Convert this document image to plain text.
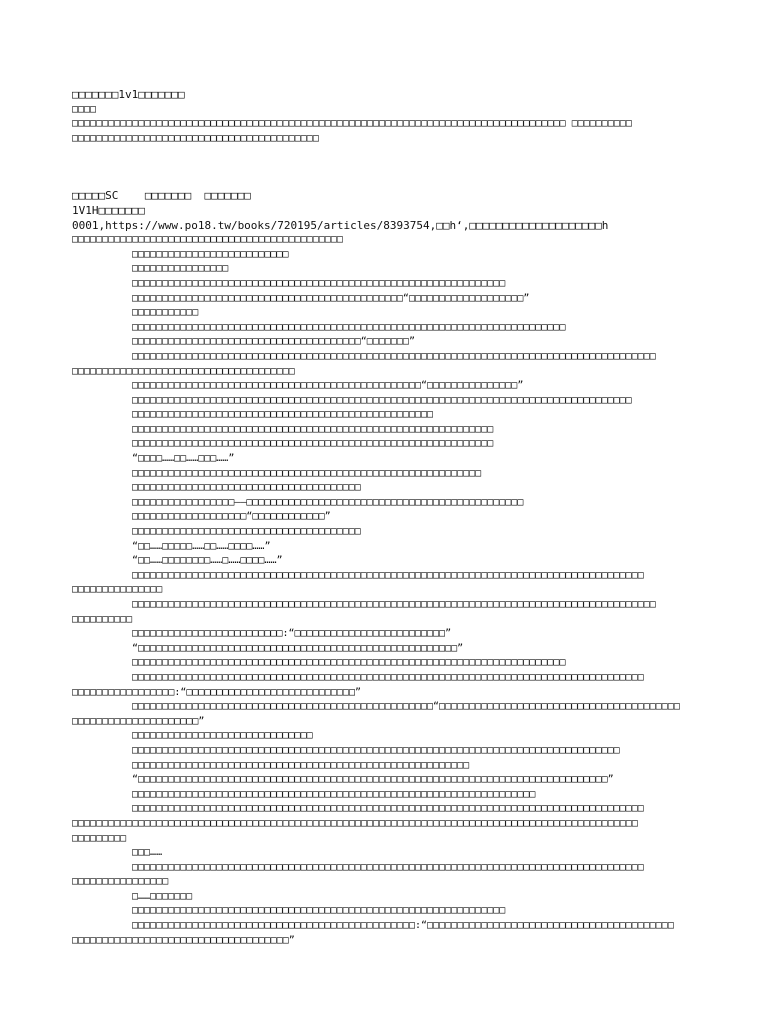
□□□□□□□1v1□□□□□□□
□□□□
□□□□□□□□□□□□□□□□□□□□□□□□□□□□□□□□□□□□□□□□□□□□□□□□□□□□□□□□□□□□□□□□□□□□□□□□□□□□□□□□□□ □□□□□□□□□□
□□□□□□□□□□□□□□□□□□□□□□□□□□□□□□□□□□□□□□□□□
□□□□□SC    □□□□□□□  □□□□□□□
1V1H□□□□□□□
0001,https://www.po18.tw/books/720195/articles/8393754,□□h‘,□□□□□□□□□□□□□□□□□□□□h
□□□□□□□□□□□□□□□□□□□□□□□□□□□□□□□□□□□□□□□□□□□□□
□□□□□□□□□□□□□□□□□□□□□□□□□□
□□□□□□□□□□□□□□□□
□□□□□□□□□□□□□□□□□□□□□□□□□□□□□□□□□□□□□□□□□□□□□□□□□□□□□□□□□□□□□□
□□□□□□□□□□□□□□□□□□□□□□□□□□□□□□□□□□□□□□□□□□□□□“□□□□□□□□□□□□□□□□□□□”
□□□□□□□□□□□
□□□□□□□□□□□□□□□□□□□□□□□□□□□□□□□□□□□□□□□□□□□□□□□□□□□□□□□□□□□□□□□□□□□□□□□□
□□□□□□□□□□□□□□□□□□□□□□□□□□□□□□□□□□□□□□“□□□□□□□”
□□□□□□□□□□□□□□□□□□□□□□□□□□□□□□□□□□□□□□□□□□□□□□□□□□□□□□□□□□□□□□□□□□□□□□□□□□□□□□□□□□□□□□□
□□□□□□□□□□□□□□□□□□□□□□□□□□□□□□□□□□□□□
□□□□□□□□□□□□□□□□□□□□□□□□□□□□□□□□□□□□□□□□□□□□□□□□“□□□□□□□□□□□□□□□”
□□□□□□□□□□□□□□□□□□□□□□□□□□□□□□□□□□□□□□□□□□□□□□□□□□□□□□□□□□□□□□□□□□□□□□□□□□□□□□□□□□□
□□□□□□□□□□□□□□□□□□□□□□□□□□□□□□□□□□□□□□□□□□□□□□□□□□
□□□□□□□□□□□□□□□□□□□□□□□□□□□□□□□□□□□□□□□□□□□□□□□□□□□□□□□□□□□□
□□□□□□□□□□□□□□□□□□□□□□□□□□□□□□□□□□□□□□□□□□□□□□□□□□□□□□□□□□□□
“□□□□……□□……□□□……”
□□□□□□□□□□□□□□□□□□□□□□□□□□□□□□□□□□□□□□□□□□□□□□□□□□□□□□□□□□
□□□□□□□□□□□□□□□□□□□□□□□□□□□□□□□□□□□□□□
□□□□□□□□□□□□□□□□□——□□□□□□□□□□□□□□□□□□□□□□□□□□□□□□□□□□□□□□□□□□□□□□
□□□□□□□□□□□□□□□□□□□“□□□□□□□□□□□□”
□□□□□□□□□□□□□□□□□□□□□□□□□□□□□□□□□□□□□□
“□□……□□□□□……□□……□□□□……”
“□□……□□□□□□□□……□……□□□□……”
□□□□□□□□□□□□□□□□□□□□□□□□□□□□□□□□□□□□□□□□□□□□□□□□□□□□□□□□□□□□□□□□□□□□□□□□□□□□□□□□□□□□□
□□□□□□□□□□□□□□□
□□□□□□□□□□□□□□□□□□□□□□□□□□□□□□□□□□□□□□□□□□□□□□□□□□□□□□□□□□□□□□□□□□□□□□□□□□□□□□□□□□□□□□□
□□□□□□□□□□
□□□□□□□□□□□□□□□□□□□□□□□□□:“□□□□□□□□□□□□□□□□□□□□□□□□□”
“□□□□□□□□□□□□□□□□□□□□□□□□□□□□□□□□□□□□□□□□□□□□□□□□□□□□□”
□□□□□□□□□□□□□□□□□□□□□□□□□□□□□□□□□□□□□□□□□□□□□□□□□□□□□□□□□□□□□□□□□□□□□□□□
□□□□□□□□□□□□□□□□□□□□□□□□□□□□□□□□□□□□□□□□□□□□□□□□□□□□□□□□□□□□□□□□□□□□□□□□□□□□□□□□□□□□□
□□□□□□□□□□□□□□□□□:“□□□□□□□□□□□□□□□□□□□□□□□□□□□□”
□□□□□□□□□□□□□□□□□□□□□□□□□□□□□□□□□□□□□□□□□□□□□□□□□□“□□□□□□□□□□□□□□□□□□□□□□□□□□□□□□□□□□□□□□□□
□□□□□□□□□□□□□□□□□□□□□”
□□□□□□□□□□□□□□□□□□□□□□□□□□□□□□
□□□□□□□□□□□□□□□□□□□□□□□□□□□□□□□□□□□□□□□□□□□□□□□□□□□□□□□□□□□□□□□□□□□□□□□□□□□□□□□□□
□□□□□□□□□□□□□□□□□□□□□□□□□□□□□□□□□□□□□□□□□□□□□□□□□□□□□□□□
“□□□□□□□□□□□□□□□□□□□□□□□□□□□□□□□□□□□□□□□□□□□□□□□□□□□□□□□□□□□□□□□□□□□□□□□□□□□□□□”
□□□□□□□□□□□□□□□□□□□□□□□□□□□□□□□□□□□□□□□□□□□□□□□□□□□□□□□□□□□□□□□□□□□
□□□□□□□□□□□□□□□□□□□□□□□□□□□□□□□□□□□□□□□□□□□□□□□□□□□□□□□□□□□□□□□□□□□□□□□□□□□□□□□□□□□□□
□□□□□□□□□□□□□□□□□□□□□□□□□□□□□□□□□□□□□□□□□□□□□□□□□□□□□□□□□□□□□□□□□□□□□□□□□□□□□□□□□□□□□□□□□□□□□□
□□□□□□□□□
□□□……
□□□□□□□□□□□□□□□□□□□□□□□□□□□□□□□□□□□□□□□□□□□□□□□□□□□□□□□□□□□□□□□□□□□□□□□□□□□□□□□□□□□□□
□□□□□□□□□□□□□□□□
□……□□□□□□□
□□□□□□□□□□□□□□□□□□□□□□□□□□□□□□□□□□□□□□□□□□□□□□□□□□□□□□□□□□□□□□
□□□□□□□□□□□□□□□□□□□□□□□□□□□□□□□□□□□□□□□□□□□□□□□:“□□□□□□□□□□□□□□□□□□□□□□□□□□□□□□□□□□□□□□□□□
□□□□□□□□□□□□□□□□□□□□□□□□□□□□□□□□□□□□”
